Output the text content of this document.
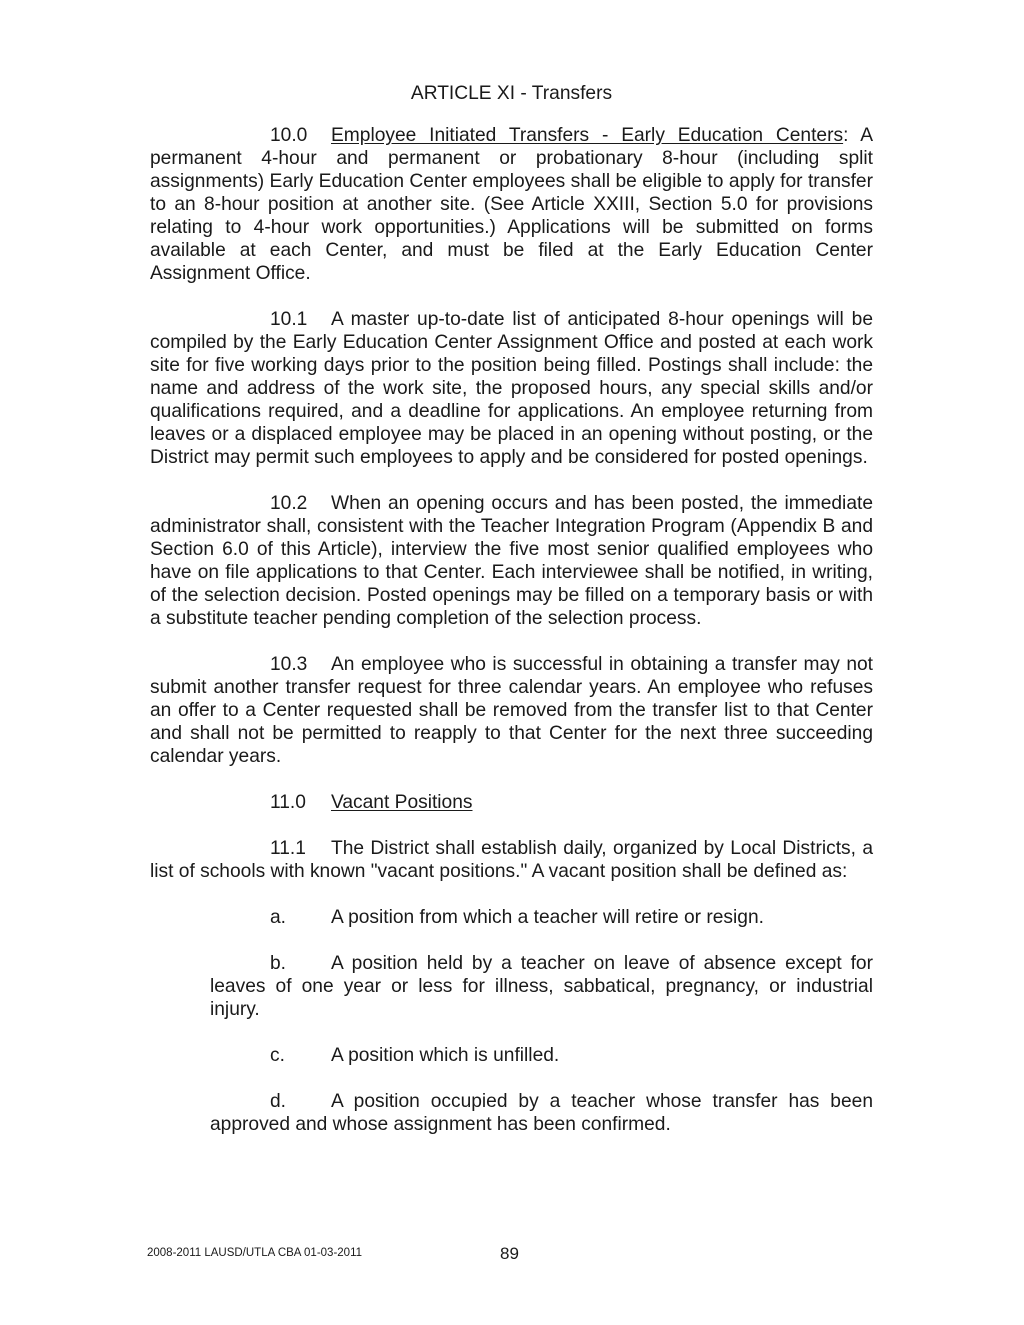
ARTICLE XI - Transfers

10.0 Employee Initiated Transfers - Early Education Centers: A permanent 4-hour and permanent or probationary 8-hour (including split assignments) Early Education Center employees shall be eligible to apply for transfer to an 8-hour position at another site. (See Article XXIII, Section 5.0 for provisions relating to 4-hour work opportunities.) Applications will be submitted on forms available at each Center, and must be filed at the Early Education Center Assignment Office.

10.1 A master up-to-date list of anticipated 8-hour openings will be compiled by the Early Education Center Assignment Office and posted at each work site for five working days prior to the position being filled. Postings shall include: the name and address of the work site, the proposed hours, any special skills and/or qualifications required, and a deadline for applications. An employee returning from leaves or a displaced employee may be placed in an opening without posting, or the District may permit such employees to apply and be considered for posted openings.

10.2 When an opening occurs and has been posted, the immediate administrator shall, consistent with the Teacher Integration Program (Appendix B and Section 6.0 of this Article), interview the five most senior qualified employees who have on file applications to that Center. Each interviewee shall be notified, in writing, of the selection decision. Posted openings may be filled on a temporary basis or with a substitute teacher pending completion of the selection process.

10.3 An employee who is successful in obtaining a transfer may not submit another transfer request for three calendar years. An employee who refuses an offer to a Center requested shall be removed from the transfer list to that Center and shall not be permitted to reapply to that Center for the next three succeeding calendar years.

11.0 Vacant Positions

11.1 The District shall establish daily, organized by Local Districts, a list of schools with known "vacant positions." A vacant position shall be defined as:

a. A position from which a teacher will retire or resign.

b. A position held by a teacher on leave of absence except for leaves of one year or less for illness, sabbatical, pregnancy, or industrial injury.

c. A position which is unfilled.

d. A position occupied by a teacher whose transfer has been approved and whose assignment has been confirmed.

2008-2011 LAUSD/UTLA CBA 01-03-2011	89
